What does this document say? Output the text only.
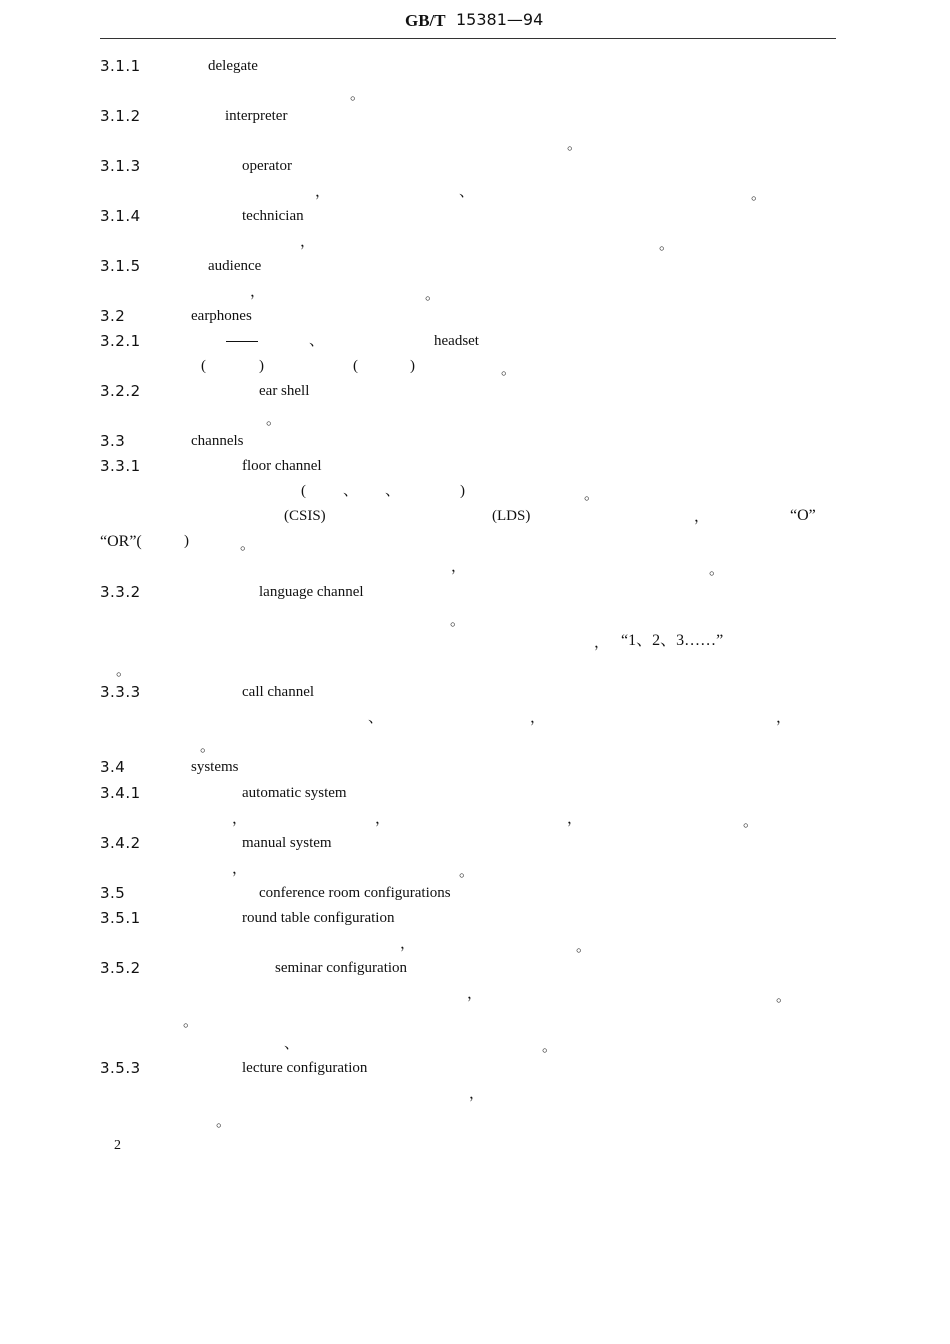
GB/T 15381—94
3.1.1	delegate
。
3.1.2	interpreter
。
3.1.3	operator
，	、	。
3.1.4	technician
，	。
3.1.5	audience
，	。
3.2	earphones
3.2.1	、	headset
(	)	(	)	。
3.2.2	ear shell
。
3.3	channels
3.3.1	floor channel
( 、 、	)	。
(CSIS)	(LDS)	，	“O”
“OR”(	)	。
，	。
3.3.2	language channel
。
， “1、2、3……”
。
3.3.3	call channel
、	，	，
。
3.4	systems
3.4.1	automatic system
，	，	，	。
3.4.2	manual system
，	。
3.5	conference room configurations
3.5.1	round table configuration
，	。
3.5.2	seminar configuration
，	。
。
、	。
3.5.3	lecture configuration
，
。
2
